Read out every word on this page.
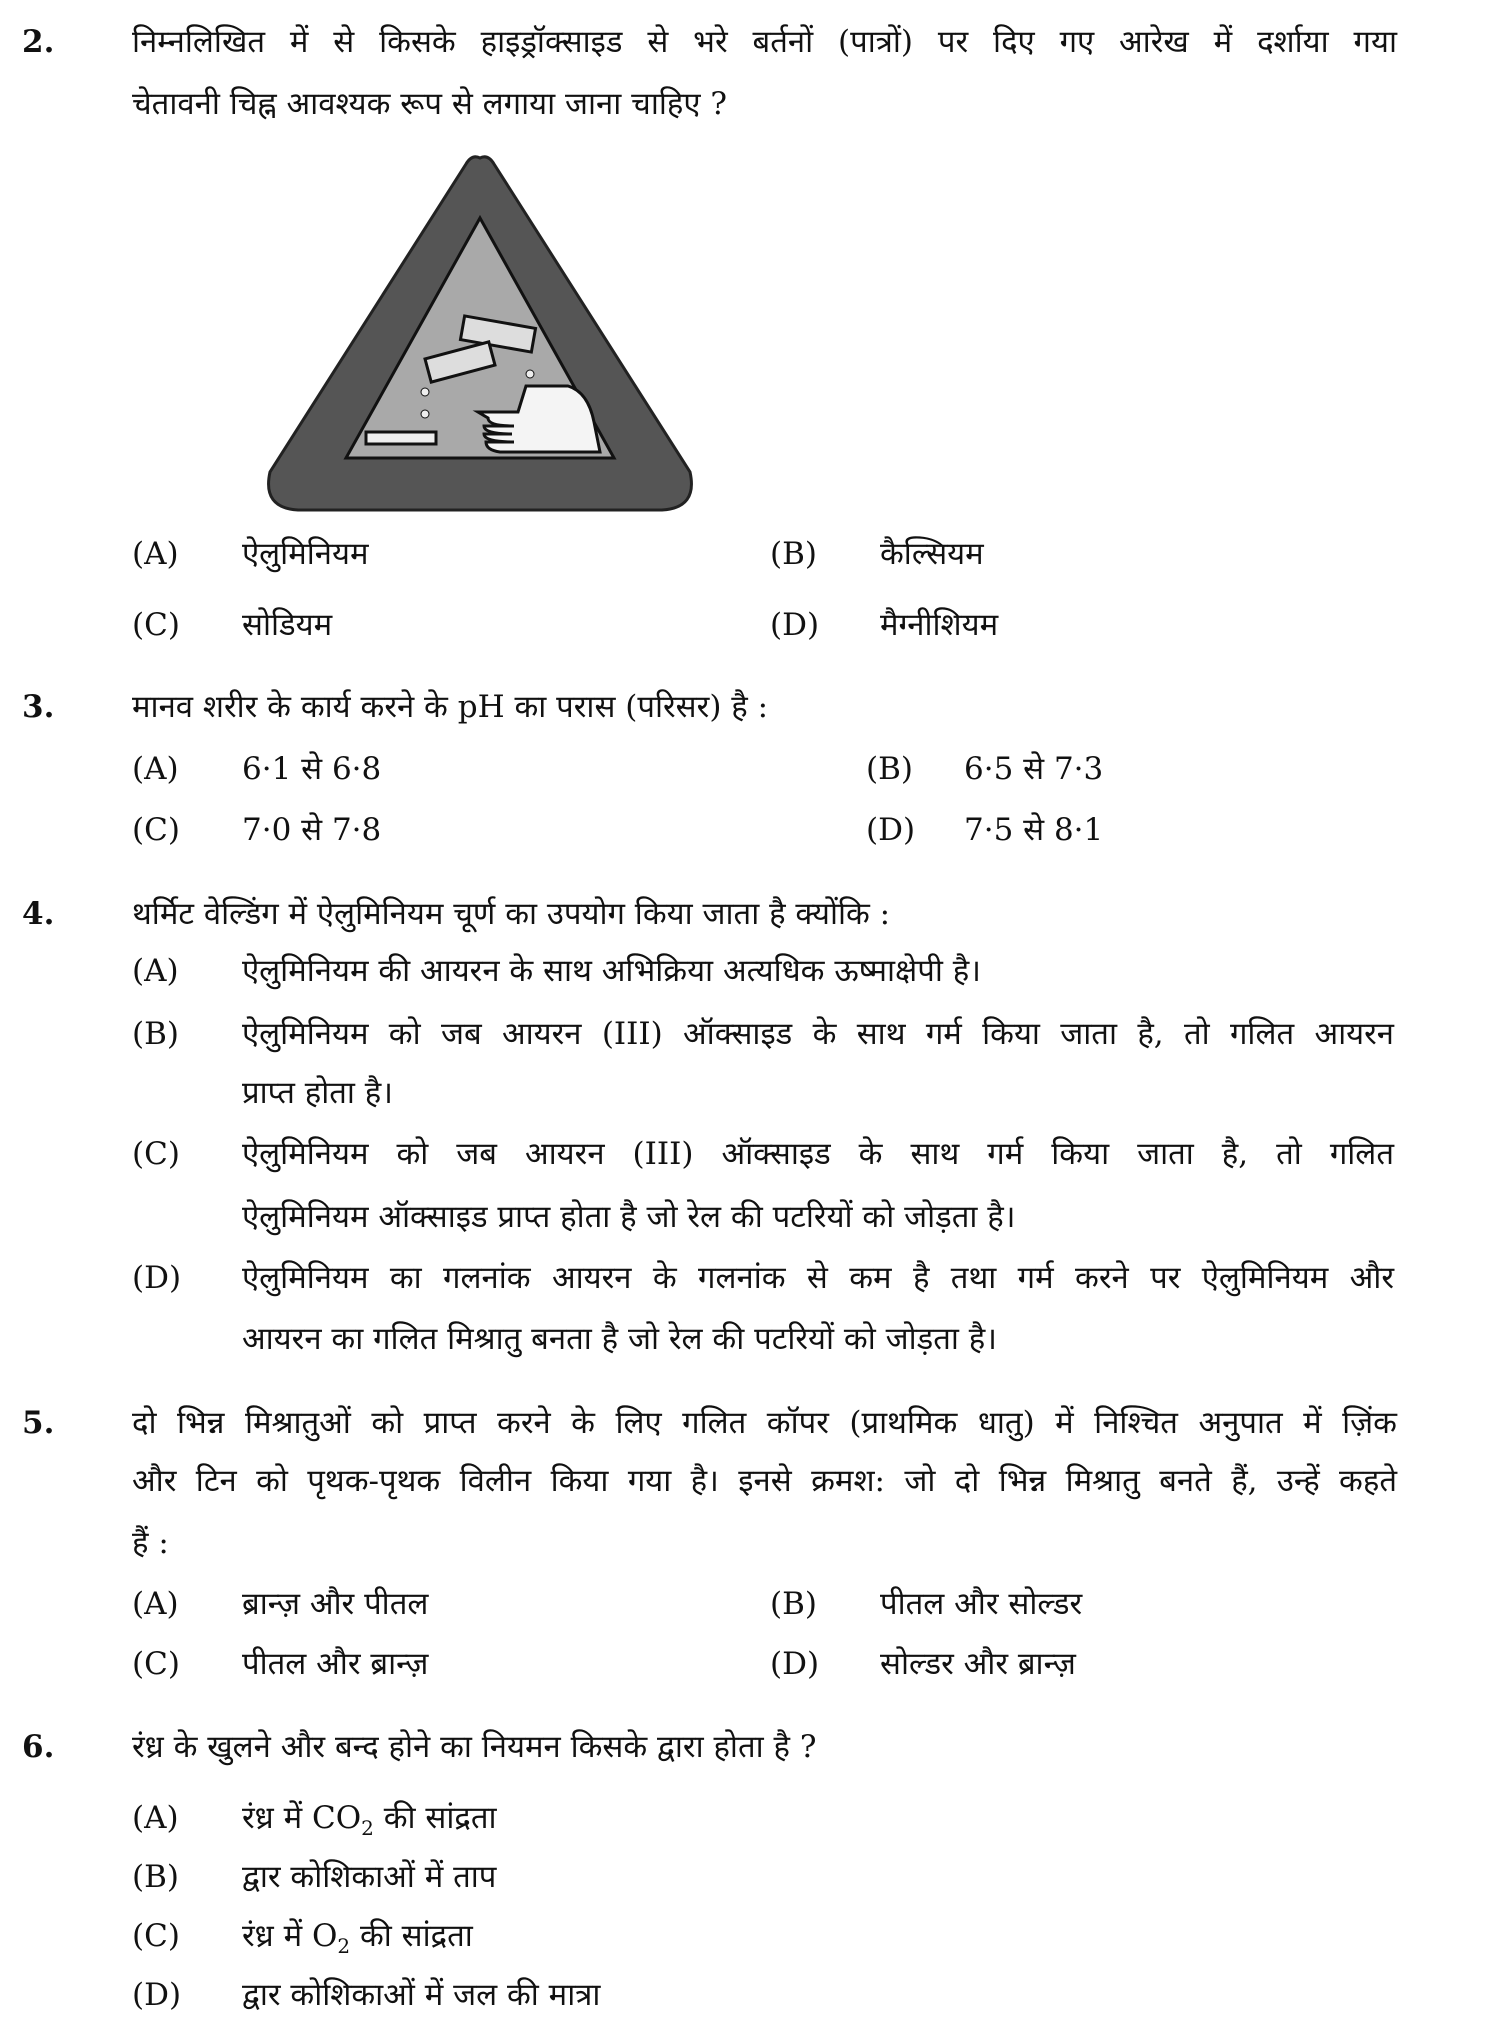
2.	निम्नलिखित में से किसके हाइड्रॉक्साइड से भरे बर्तनों (पात्रों) पर दिए गए आरेख में दर्शाया गया
चेतावनी चिह्न आवश्यक रूप से लगाया जाना चाहिए ?
(A) ऐलुमिनियम	(B) कैल्सियम
(C) सोडियम	(D) मैग्नीशियम
3.	मानव शरीर के कार्य करने के pH का परास (परिसर) है :
(A) 6·1 से 6·8	(B) 6·5 से 7·3
(C) 7·0 से 7·8	(D) 7·5 से 8·1
4.	थर्मिट वेल्डिंग में ऐलुमिनियम चूर्ण का उपयोग किया जाता है क्योंकि :
(A) ऐलुमिनियम की आयरन के साथ अभिक्रिया अत्यधिक ऊष्माक्षेपी है।
(B) ऐलुमिनियम को जब आयरन (III) ऑक्साइड के साथ गर्म किया जाता है, तो गलित आयरन
प्राप्त होता है।
(C) ऐलुमिनियम को जब आयरन (III) ऑक्साइड के साथ गर्म किया जाता है, तो गलित
ऐलुमिनियम ऑक्साइड प्राप्त होता है जो रेल की पटरियों को जोड़ता है।
(D) ऐलुमिनियम का गलनांक आयरन के गलनांक से कम है तथा गर्म करने पर ऐलुमिनियम और
आयरन का गलित मिश्रातु बनता है जो रेल की पटरियों को जोड़ता है।
5.	दो भिन्न मिश्रातुओं को प्राप्त करने के लिए गलित कॉपर (प्राथमिक धातु) में निश्चित अनुपात में ज़िंक
और टिन को पृथक-पृथक विलीन किया गया है। इनसे क्रमश: जो दो भिन्न मिश्रातु बनते हैं, उन्हें कहते
हैं :
(A) ब्रान्ज़ और पीतल	(B) पीतल और सोल्डर
(C) पीतल और ब्रान्ज़	(D) सोल्डर और ब्रान्ज़
6.	रंध्र के खुलने और बन्द होने का नियमन किसके द्वारा होता है ?
(A) रंध्र में $CO_2$ की सांद्रता
(B) द्वार कोशिकाओं में ताप
(C) रंध्र में $O_2$ की सांद्रता
(D) द्वार कोशिकाओं में जल की मात्रा
